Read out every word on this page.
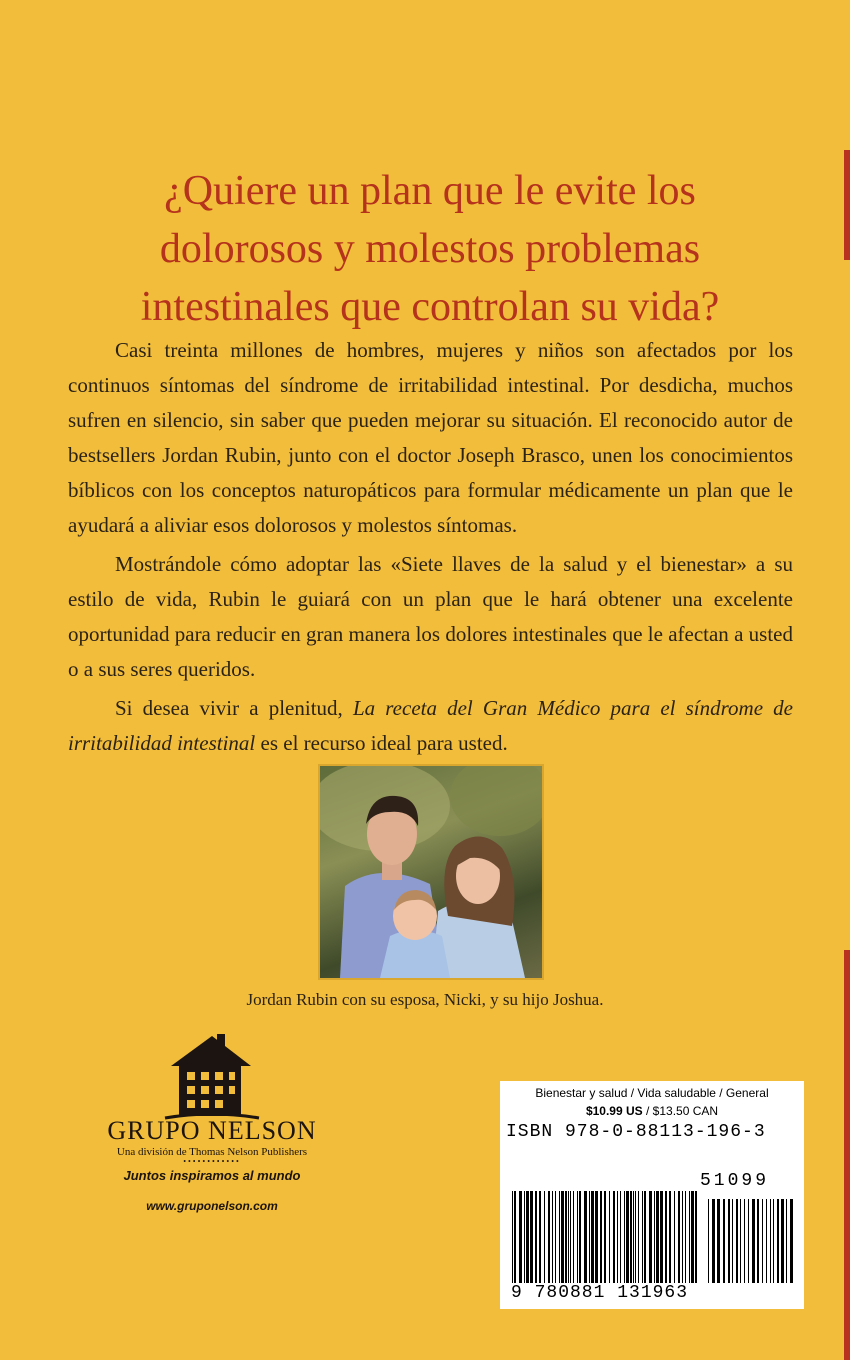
¿Quiere un plan que le evite los dolorosos y molestos problemas intestinales que controlan su vida?

Casi treinta millones de hombres, mujeres y niños son afectados por los continuos síntomas del síndrome de irritabilidad intestinal. Por desdicha, muchos sufren en silencio, sin saber que pueden mejorar su situación. El reconocido autor de bestsellers Jordan Rubin, junto con el doctor Joseph Brasco, unen los conocimientos bíblicos con los conceptos naturopáticos para formular médicamente un plan que le ayudará a aliviar esos dolorosos y molestos síntomas.

Mostrándole cómo adoptar las «Siete llaves de la salud y el bienestar» a su estilo de vida, Rubin le guiará con un plan que le hará obtener una excelente oportunidad para reducir en gran manera los dolores intestinales que le afectan a usted o a sus seres queridos.

Si desea vivir a plenitud, La receta del Gran Médico para el síndrome de irritabilidad intestinal es el recurso ideal para usted.

Jordan Rubin con su esposa, Nicki, y su hijo Joshua.

GRUPO NELSON
Una división de Thomas Nelson Publishers
••••••••••••
Juntos inspiramos al mundo
www.gruponelson.com
Bienestar y salud / Vida saludable / General
$10.99 US / $13.50 CAN
ISBN 978-0-88113-196-3
51099
9 780881 131963
